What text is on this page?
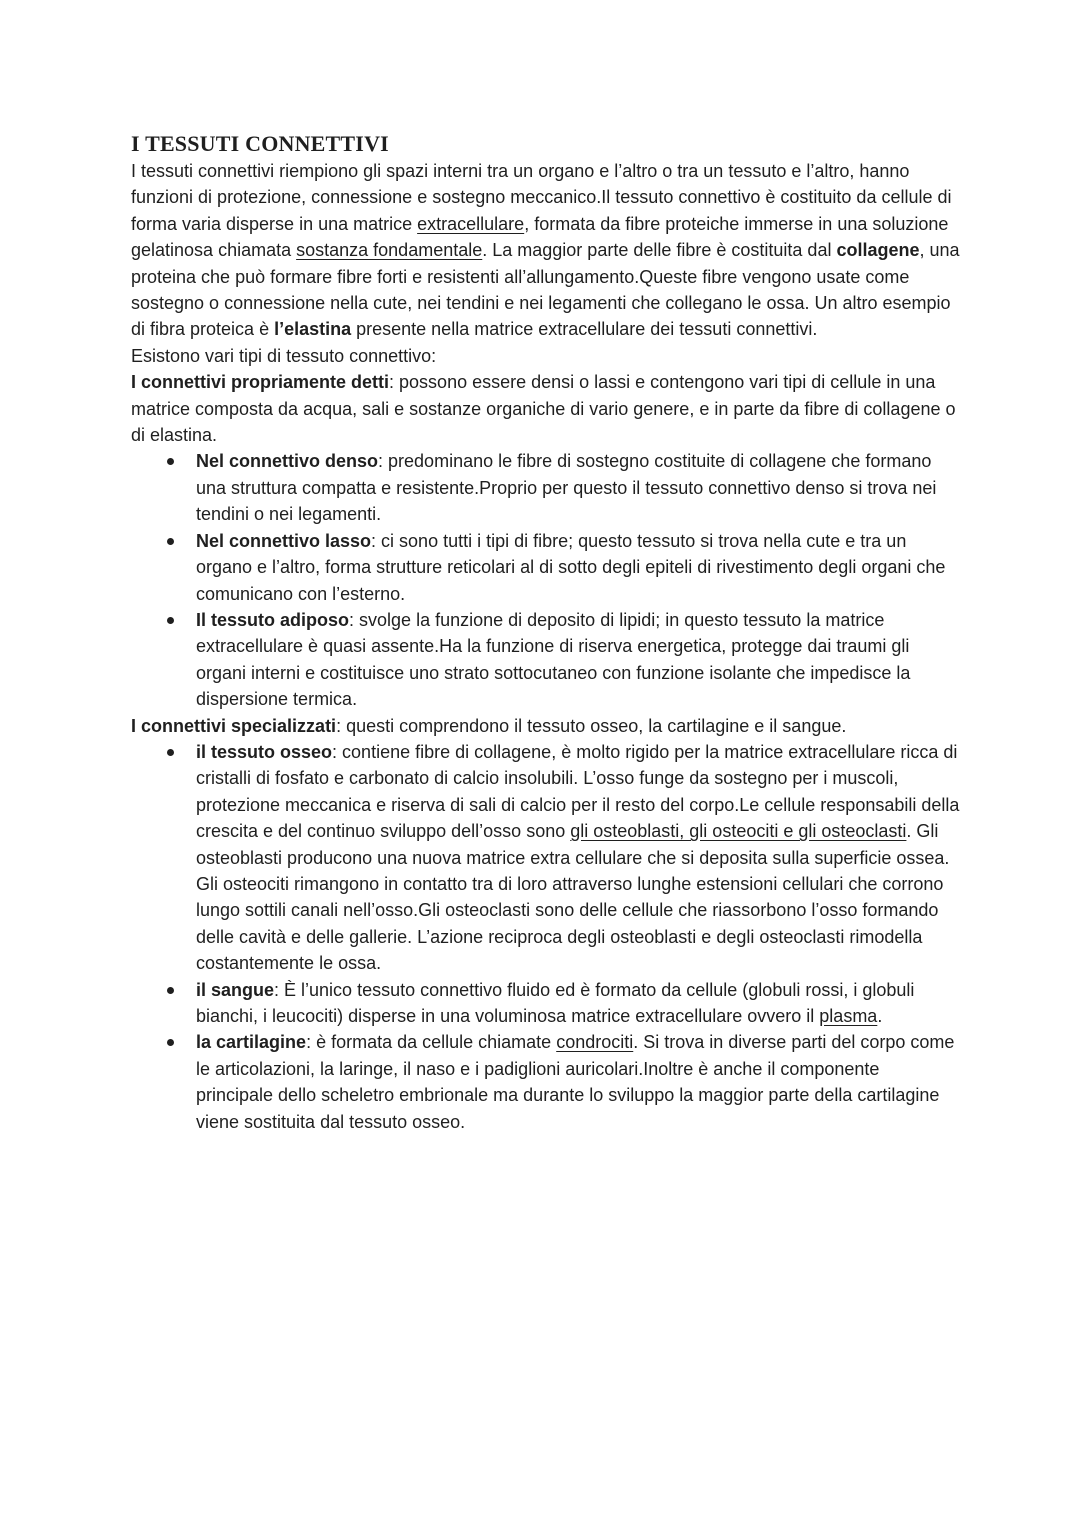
I TESSUTI CONNETTIVI

I tessuti connettivi riempiono gli spazi interni tra un organo e l’altro o tra un tessuto e l’altro, hanno funzioni di protezione, connessione e sostegno meccanico.Il tessuto connettivo è costituito da cellule di forma varia disperse in una matrice extracellulare, formata da fibre proteiche immerse in una soluzione gelatinosa chiamata sostanza fondamentale. La maggior parte delle fibre è costituita dal collagene, una proteina che può formare fibre forti e resistenti all’allungamento.Queste fibre vengono usate come sostegno o connessione nella cute, nei tendini e nei legamenti che collegano le ossa. Un altro esempio di fibra proteica è l’elastina presente nella matrice extracellulare dei tessuti connettivi.

Esistono vari tipi di tessuto connettivo:

I connettivi propriamente detti: possono essere densi o lassi e contengono vari tipi di cellule in una matrice composta da acqua, sali e sostanze organiche di vario genere, e in parte da fibre di collagene o di elastina.

Nel connettivo denso: predominano le fibre di sostegno costituite di collagene che formano una struttura compatta e resistente.Proprio per questo il tessuto connettivo denso si trova nei tendini o nei legamenti.
Nel connettivo lasso: ci sono tutti i tipi di fibre; questo tessuto si trova nella cute e tra un organo e l’altro, forma strutture reticolari al di sotto degli epiteli di rivestimento degli organi che comunicano con l’esterno.
Il tessuto adiposo: svolge la funzione di deposito di lipidi; in questo tessuto la matrice extracellulare è quasi assente.Ha la funzione di riserva energetica, protegge dai traumi gli organi interni e costituisce uno strato sottocutaneo con funzione isolante che impedisce la dispersione termica.

I connettivi specializzati: questi comprendono il tessuto osseo, la cartilagine e il sangue.

il tessuto osseo: contiene fibre di collagene, è molto rigido per la matrice extracellulare ricca di cristalli di fosfato e carbonato di calcio insolubili. L’osso funge da sostegno per i muscoli, protezione meccanica e riserva di sali di calcio per il resto del corpo.Le cellule responsabili della crescita e del continuo sviluppo dell’osso sono gli osteoblasti, gli osteociti e gli osteoclasti. Gli osteoblasti producono una nuova matrice extra cellulare che si deposita sulla superficie ossea. Gli osteociti rimangono in contatto tra di loro attraverso lunghe estensioni cellulari che corrono lungo sottili canali nell’osso.Gli osteoclasti sono delle cellule che riassorbono l’osso formando delle cavità e delle gallerie. L’azione reciproca degli osteoblasti e degli osteoclasti rimodella costantemente le ossa.
il sangue: È l’unico tessuto connettivo fluido ed è formato da cellule (globuli rossi, i globuli bianchi, i leucociti) disperse in una voluminosa matrice extracellulare ovvero il plasma.
la cartilagine: è formata da cellule chiamate condrociti. Si trova in diverse parti del corpo come le articolazioni, la laringe, il naso e i padiglioni auricolari.Inoltre è anche il componente principale dello scheletro embrionale ma durante lo sviluppo la maggior parte della cartilagine viene sostituita dal tessuto osseo.
